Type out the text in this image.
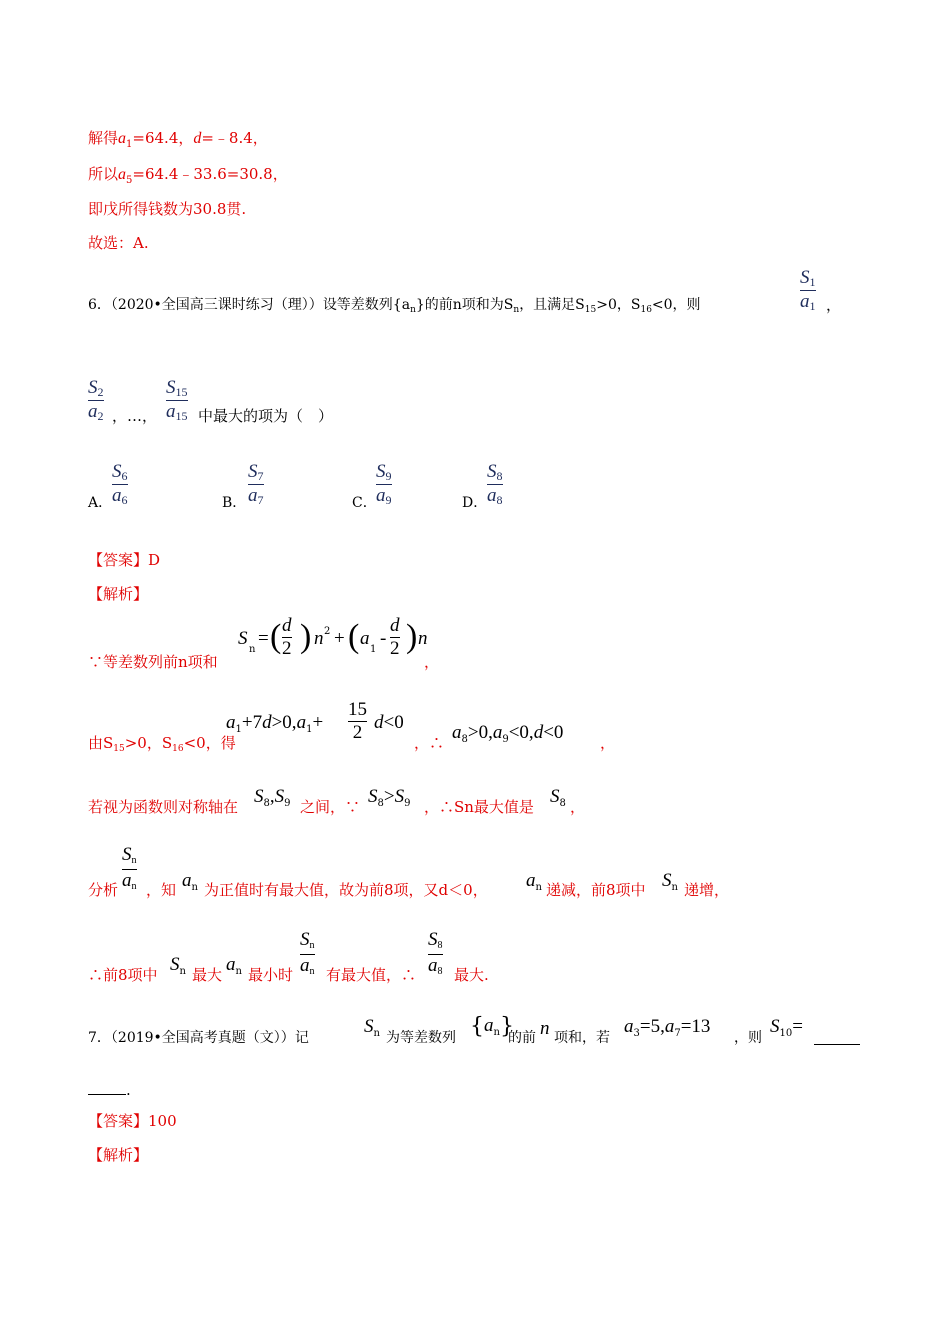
解得$a_1=64.4$，d=﹣8.4，
所以$a_5=64.4﹣33.6=30.8$，
即戊所得钱数为30.8贯.
故选：A.
6．（2020•全国高三课时练习（理））设等差数列$\{a_n\}$的前n项和为$S_n$，且满足$S_{15}>0$，$S_{16}<0$，则
S1
a1 ，
S2
a2 ，…，
S15
a15 中最大的项为（　）
A．
S6
a6	B．
S7
a7	C．
S9
a9	D．
S8
a8
【答案】D
【解析】
∵等差数列前n项和
S
n
= ( d
2 ) n 2 + ( a
1
-
d
2 ) n
，
由$S_{15}>0$，$S_{16}<0$，得
$a_1+7d>0,a_1+$
15
2 d<0
，∴ $a_8>0,a_9<0,d<0$ ，
若视为函数则对称轴在 $S_8,S_9$ 之间，∵ $S_8>S_9$ ，∴Sn最大值是 $S_8$ ，
分析
Sn
an ，知 $a_n$ 为正值时有最大值，故为前8项，又d＜0， $a_n$ 递减，前8项中 $S_n$ 递增，
∴前8项中 $S_n$ 最大 $a_n$ 最小时
Sn
an 有最大值，∴
S8
a8 最大.
7．（2019•全国高考真题（文））记
$S_n$ 为等差数列 $\{a_n\}$
的前 n 项和，若
$a_3=5,a_7=13$
，则
$S_{10}=$
.
【答案】100
【解析】
